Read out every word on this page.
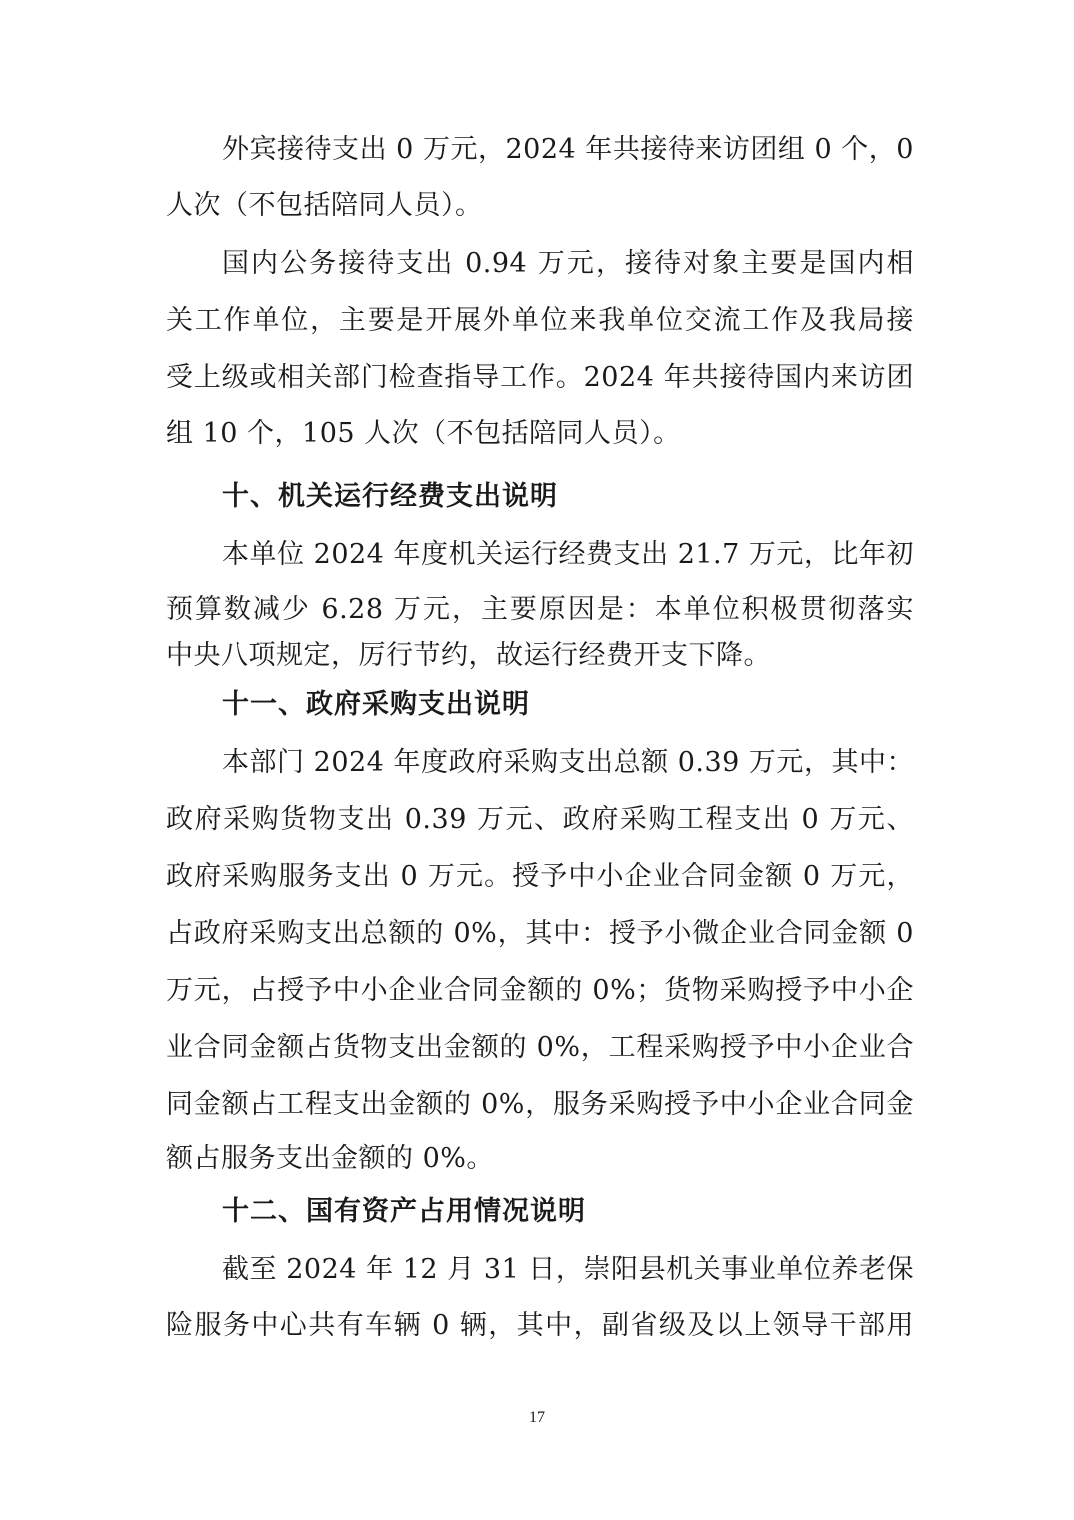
外宾接待支出 0 万元，2024 年共接待来访团组 0 个，0
人次（不包括陪同人员）。
国内公务接待支出 0.94 万元，接待对象主要是国内相
关工作单位，主要是开展外单位来我单位交流工作及我局接
受上级或相关部门检查指导工作。2024 年共接待国内来访团
组 10 个，105 人次（不包括陪同人员）。
十、机关运行经费支出说明
本单位 2024 年度机关运行经费支出 21.7 万元，比年初
预算数减少 6.28 万元，主要原因是：本单位积极贯彻落实
中央八项规定，厉行节约，故运行经费开支下降。
十一、政府采购支出说明
本部门 2024 年度政府采购支出总额 0.39 万元，其中：
政府采购货物支出 0.39 万元、政府采购工程支出 0 万元、
政府采购服务支出 0 万元。授予中小企业合同金额 0 万元，
占政府采购支出总额的 0%，其中：授予小微企业合同金额 0
万元，占授予中小企业合同金额的 0%；货物采购授予中小企
业合同金额占货物支出金额的 0%，工程采购授予中小企业合
同金额占工程支出金额的 0%，服务采购授予中小企业合同金
额占服务支出金额的 0%。
十二、国有资产占用情况说明
截至 2024 年 12 月 31 日，崇阳县机关事业单位养老保
险服务中心共有车辆 0 辆，其中，副省级及以上领导干部用
17
